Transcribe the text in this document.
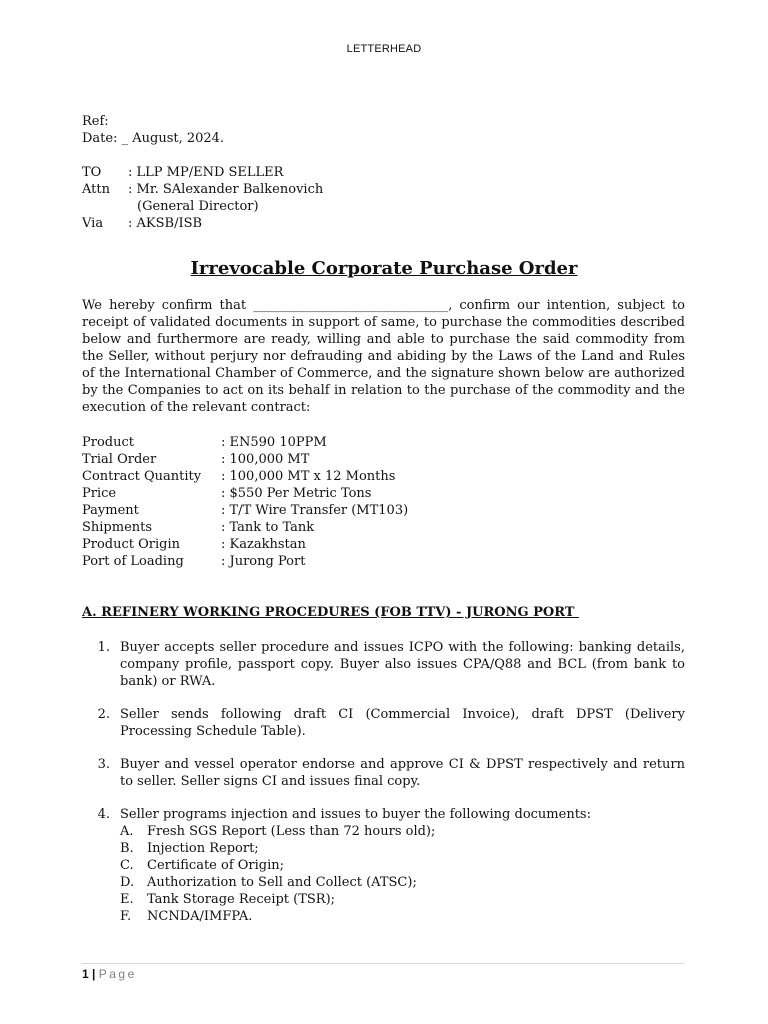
LETTERHEAD
Ref:
Date: _ August, 2024.
TO	: LLP MP/END SELLER
Attn	: Mr. SAlexander Balkenovich
(General Director)
Via	: AKSB/ISB
Irrevocable Corporate Purchase Order
We hereby confirm that ______________________________, confirm our intention, subject to receipt of validated documents in support of same, to purchase the commodities described below and furthermore are ready, willing and able to purchase the said commodity from the Seller, without perjury nor defrauding and abiding by the Laws of the Land and Rules of the International Chamber of Commerce, and the signature shown below are authorized by the Companies to act on its behalf in relation to the purchase of the commodity and the execution of the relevant contract:
Product	: EN590 10PPM
Trial Order	: 100,000 MT
Contract Quantity	: 100,000 MT x 12 Months
Price	: $550 Per Metric Tons
Payment	: T/T Wire Transfer (MT103)
Shipments	: Tank to Tank
Product Origin	: Kazakhstan
Port of Loading	: Jurong Port
A. REFINERY WORKING PROCEDURES (FOB TTV) - JURONG PORT
1. Buyer accepts seller procedure and issues ICPO with the following: banking details, company profile, passport copy. Buyer also issues CPA/Q88 and BCL (from bank to bank) or RWA.
2. Seller sends following draft CI (Commercial Invoice), draft DPST (Delivery Processing Schedule Table).
3. Buyer and vessel operator endorse and approve CI & DPST respectively and return to seller. Seller signs CI and issues final copy.
4. Seller programs injection and issues to buyer the following documents:
A.	Fresh SGS Report (Less than 72 hours old);
B.	Injection Report;
C.	Certificate of Origin;
D. Authorization to Sell and Collect (ATSC);
E.	Tank Storage Receipt (TSR);
F.	NCNDA/IMFPA.
1 | Page
